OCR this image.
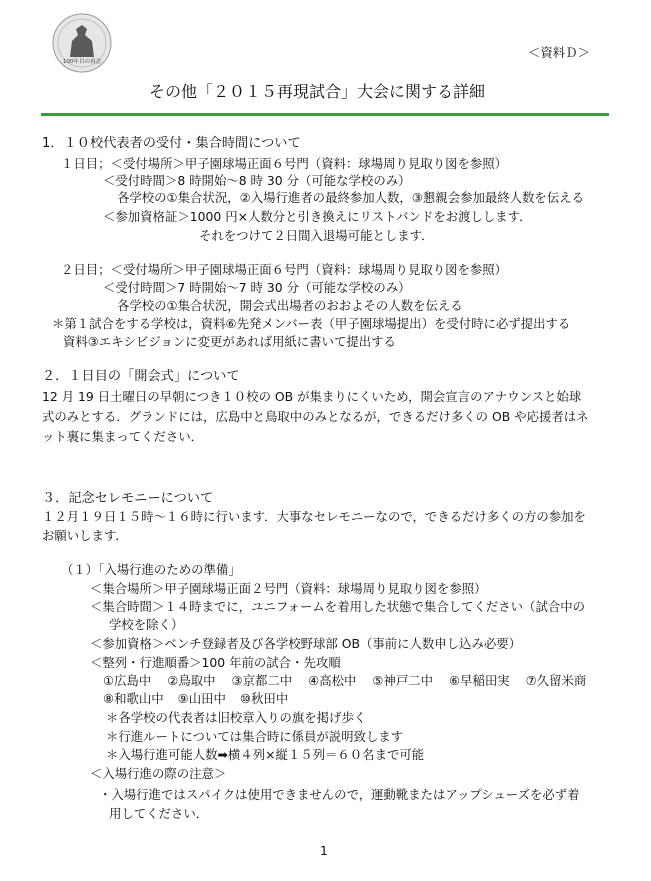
100年目の再会
＜資料Ｄ＞
その他「２０１５再現試合」大会に関する詳細
1．１０校代表者の受付・集合時間について
１日目；＜受付場所＞甲子園球場正面６号門（資料：球場周り見取り図を参照）
＜受付時間＞8 時開始～8 時 30 分（可能な学校のみ）
各学校の①集合状況，②入場行進者の最終参加人数，③懇親会参加最終人数を伝える
＜参加資格証＞1000 円×人数分と引き換えにリストバンドをお渡しします．
それをつけて２日間入退場可能とします．
２日目；＜受付場所＞甲子園球場正面６号門（資料：球場周り見取り図を参照）
＜受付時間＞7 時開始～7 時 30 分（可能な学校のみ）
各学校の①集合状況，開会式出場者のおおよその人数を伝える
＊第１試合をする学校は，資料⑥先発メンバー表（甲子園球場提出）を受付時に必ず提出する
資料③エキシビジョンに変更があれば用紙に書いて提出する
２．１日目の「開会式」について
12 月 19 日土曜日の早朝につき１０校の OB が集まりにくいため，開会宣言のアナウンスと始球
式のみとする．グランドには，広島中と鳥取中のみとなるが，できるだけ多くの OB や応援者はネ
ット裏に集まってください．
３．記念セレモニーについて
１２月１９日１５時～１６時に行います．大事なセレモニーなので，できるだけ多くの方の参加を
お願いします．
（１）「入場行進のための準備」
＜集合場所＞甲子園球場正面２号門（資料：球場周り見取り図を参照）
＜集合時間＞１４時までに，ユニフォームを着用した状態で集合してください（試合中の
学校を除く）
＜参加資格＞ベンチ登録者及び各学校野球部 OB（事前に人数申し込み必要）
＜整列・行進順番＞100 年前の試合・先攻順
①広島中 ②鳥取中 ③京都二中 ④高松中 ⑤神戸二中 ⑥早稲田実 ⑦久留米商
⑧和歌山中 ⑨山田中 ⑩秋田中
＊各学校の代表者は旧校章入りの旗を掲げ歩く
＊行進ルートについては集合時に係員が説明致します
＊入場行進可能人数➡横４列×縦１５列＝６０名まで可能
＜入場行進の際の注意＞
・入場行進ではスパイクは使用できませんので，運動靴またはアップシューズを必ず着
用してください．
1
